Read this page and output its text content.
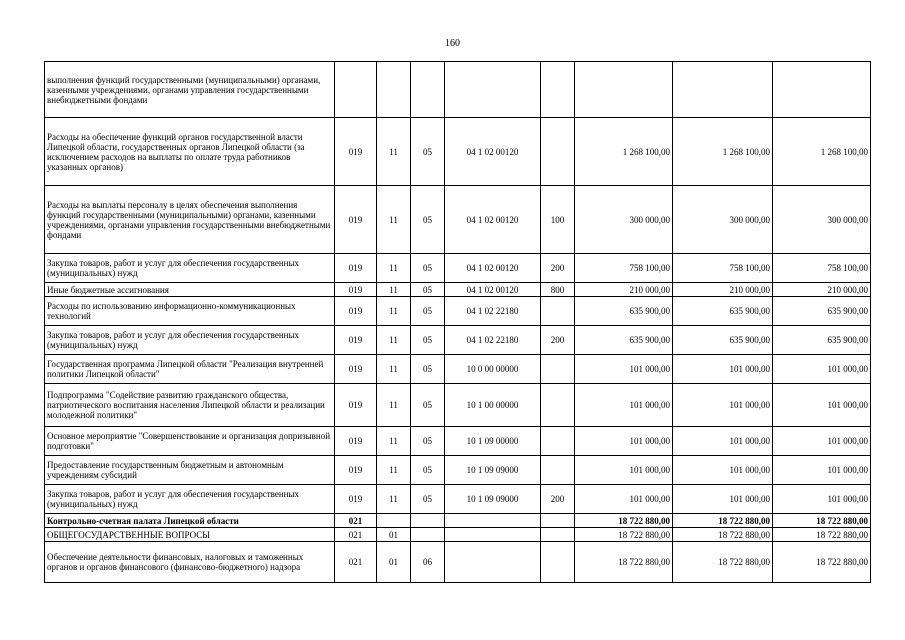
160
выполнения функций государственными (муниципальными) органами, казенными учреждениями, органами управления государственными внебюджетными фондами								
Расходы на обеспечение функций органов государственной власти Липецкой области, государственных органов Липецкой области (за исключением расходов на выплаты по оплате труда работников указанных органов)	019	11	05	04 1 02 00120		1 268 100,00	1 268 100,00	1 268 100,00
Расходы на выплаты персоналу в целях обеспечения выполнения функций государственными (муниципальными) органами, казенными учреждениями, органами управления государственными внебюджетными фондами	019	11	05	04 1 02 00120	100	300 000,00	300 000,00	300 000,00
Закупка товаров, работ и услуг для обеспечения государственных (муниципальных) нужд	019	11	05	04 1 02 00120	200	758 100,00	758 100,00	758 100,00
Иные бюджетные ассигнования	019	11	05	04 1 02 00120	800	210 000,00	210 000,00	210 000,00
Расходы по использованию информационно-коммуникационных технологий	019	11	05	04 1 02 22180		635 900,00	635 900,00	635 900,00
Закупка товаров, работ и услуг для обеспечения государственных (муниципальных) нужд	019	11	05	04 1 02 22180	200	635 900,00	635 900,00	635 900,00
Государственная программа Липецкой области "Реализация внутренней политики Липецкой области"	019	11	05	10 0 00 00000		101 000,00	101 000,00	101 000,00
Подпрограмма "Содействие развитию гражданского общества, патриотического воспитания населения Липецкой области и реализации молодежной политики"	019	11	05	10 1 00 00000		101 000,00	101 000,00	101 000,00
Основное мероприятие "Совершенствование и организация допризывной подготовки"	019	11	05	10 1 09 00000		101 000,00	101 000,00	101 000,00
Предоставление государственным бюджетным и автономным учреждениям субсидий	019	11	05	10 1 09 09000		101 000,00	101 000,00	101 000,00
Закупка товаров, работ и услуг для обеспечения государственных (муниципальных) нужд	019	11	05	10 1 09 09000	200	101 000,00	101 000,00	101 000,00
Контрольно-счетная палата Липецкой области	021					18 722 880,00	18 722 880,00	18 722 880,00
ОБЩЕГОСУДАРСТВЕННЫЕ ВОПРОСЫ	021	01				18 722 880,00	18 722 880,00	18 722 880,00
Обеспечение деятельности финансовых, налоговых и таможенных органов и органов финансового (финансово-бюджетного) надзора	021	01	06			18 722 880,00	18 722 880,00	18 722 880,00
